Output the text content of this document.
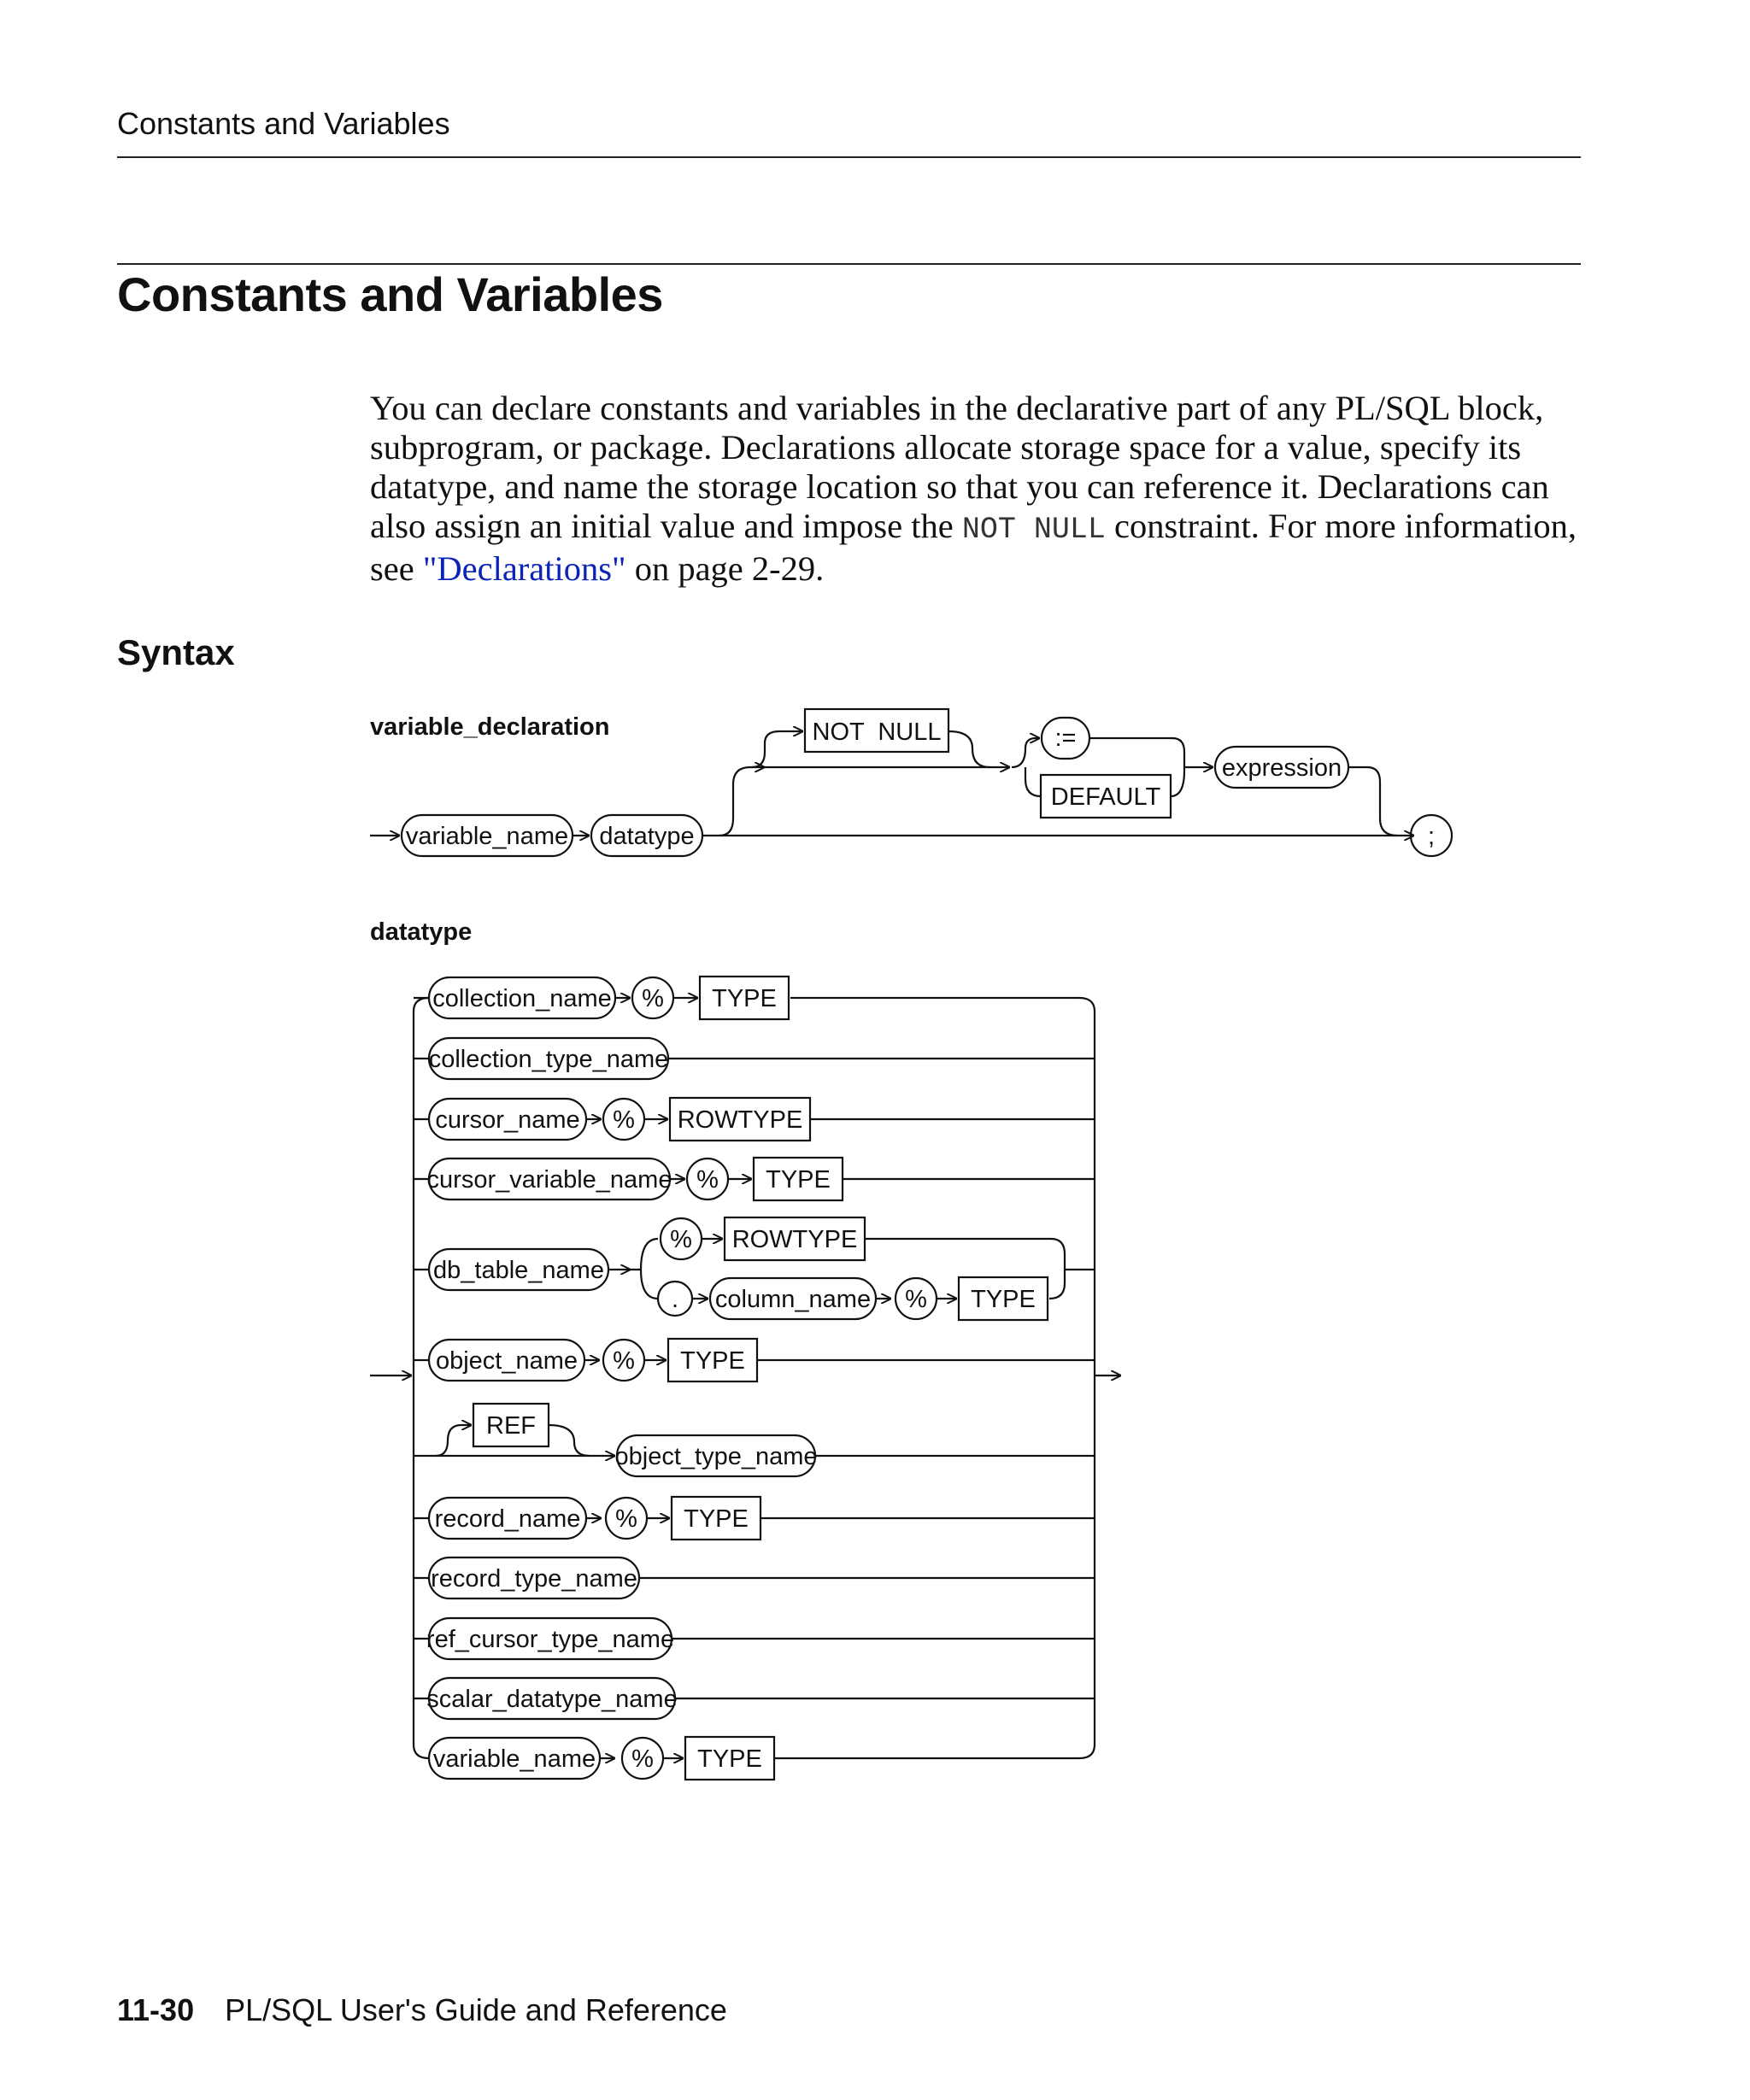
Constants and Variables
Constants and Variables
You can declare constants and variables in the declarative part of any PL/SQL block, subprogram, or package. Declarations allocate storage space for a value, specify its datatype, and name the storage location so that you can reference it. Declarations can also assign an initial value and impose the NOT NULL constraint. For more information, see "Declarations" on page 2-29.
Syntax
variable_declaration
datatype
variable_name datatype
NOT  NULL	:=
DEFAULT
expression
;
collection_name % TYPE
collection_type_name
cursor_name % ROWTYPE
cursor_variable_name % TYPE
db_table_name
% ROWTYPE
. column_name % TYPE
object_name % TYPE
REF
object_type_name
record_name % TYPE
record_type_name
ref_cursor_type_name
scalar_datatype_name
variable_name % TYPE
11-30 PL/SQL User's Guide and Reference
